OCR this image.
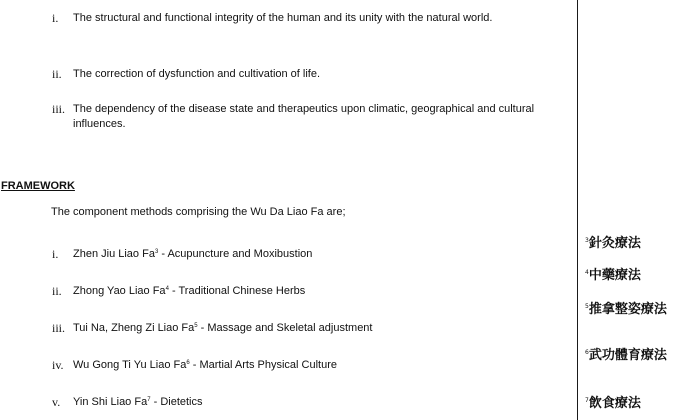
i. The structural and functional integrity of the human and its unity with the natural world.
ii. The correction of dysfunction and cultivation of life.
iii. The dependency of the disease state and therapeutics upon climatic, geographical and cultural influences.
FRAMEWORK
The component methods comprising the Wu Da Liao Fa are;
i. Zhen Jiu Liao Fa$^3$ - Acupuncture and Moxibustion
ii. Zhong Yao Liao Fa$^4$ - Traditional Chinese Herbs
iii. Tui Na, Zheng Zi Liao Fa$^5$ - Massage and Skeletal adjustment
iv. Wu Gong Ti Yu Liao Fa$^6$ - Martial Arts Physical Culture
v. Yin Shi Liao Fa$^7$ - Dietetics
$^3$針灸療法
$^4$中藥療法
$^5$推拿整姿療法
$^6$武功體育療法
$^7$飲食療法
